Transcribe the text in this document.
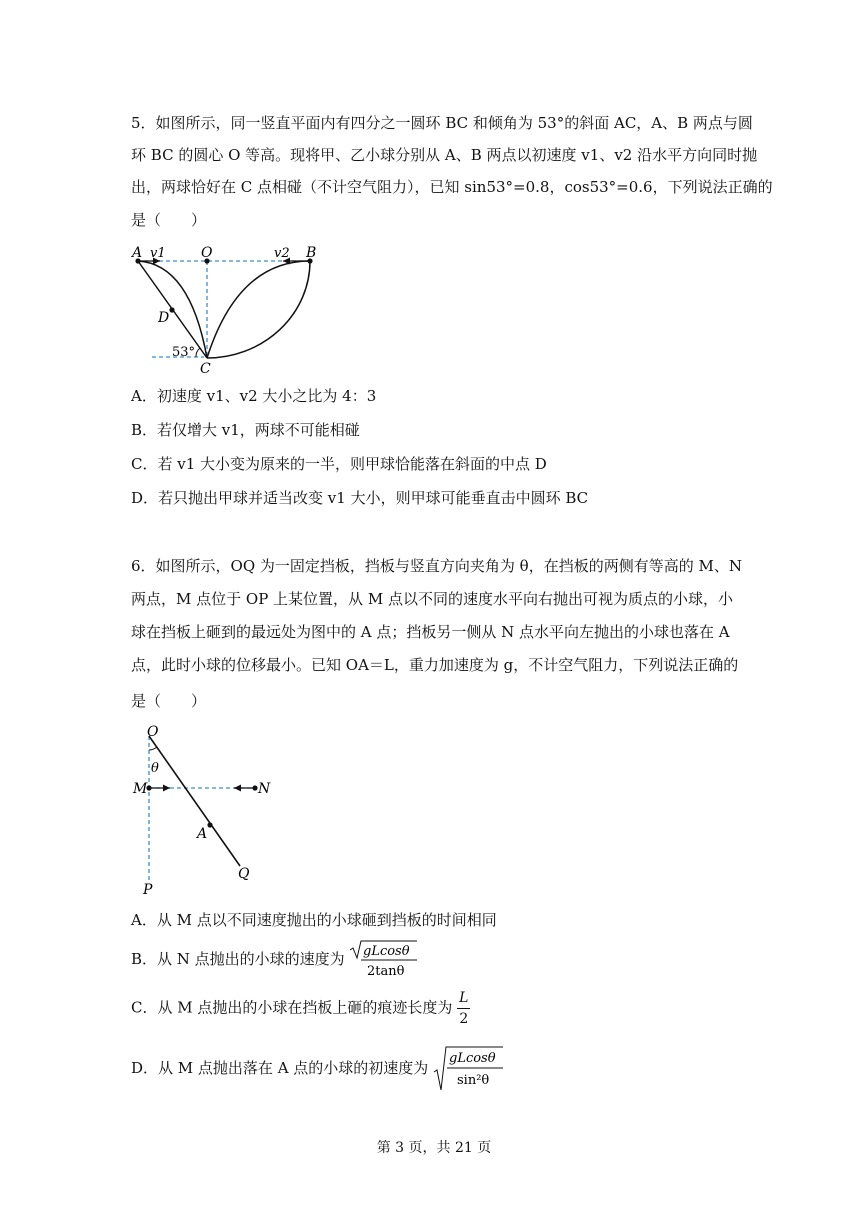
5．如图所示，同一竖直平面内有四分之一圆环 BC 和倾角为 53°的斜面 AC，A、B 两点与圆
环 BC 的圆心 O 等高。现将甲、乙小球分别从 A、B 两点以初速度 v1、v2 沿水平方向同时抛
出，两球恰好在 C 点相碰（不计空气阻力），已知 sin53°=0.8，cos53°=0.6，下列说法正确的
是（　　）
A v1	O	v2 B
D
53°
C
A．初速度 v1、v2 大小之比为 4：3
B．若仅增大 v1，两球不可能相碰
C．若 v1 大小变为原来的一半，则甲球恰能落在斜面的中点 D
D．若只抛出甲球并适当改变 v1 大小，则甲球可能垂直击中圆环 BC
6．如图所示，OQ 为一固定挡板，挡板与竖直方向夹角为 θ，在挡板的两侧有等高的 M、N
两点，M 点位于 OP 上某位置，从 M 点以不同的速度水平向右抛出可视为质点的小球，小
球在挡板上砸到的最远处为图中的 A 点；挡板另一侧从 N 点水平向左抛出的小球也落在 A
点，此时小球的位移最小。已知 OA＝L，重力加速度为 g，不计空气阻力，下列说法正确的
是（　　）
O
θ
M	N
A
P
Q
A．从 M 点以不同速度抛出的小球砸到挡板的时间相同
B．从 N 点抛出的小球的速度为 gLcosθ
2tanθ
C．从 M 点抛出的小球在挡板上砸的痕迹长度为 $\frac{L}{2}$
D．从 M 点抛出落在 A 点的小球的初速度为
gLcosθ
sin²θ
第 3 页，共 21 页
